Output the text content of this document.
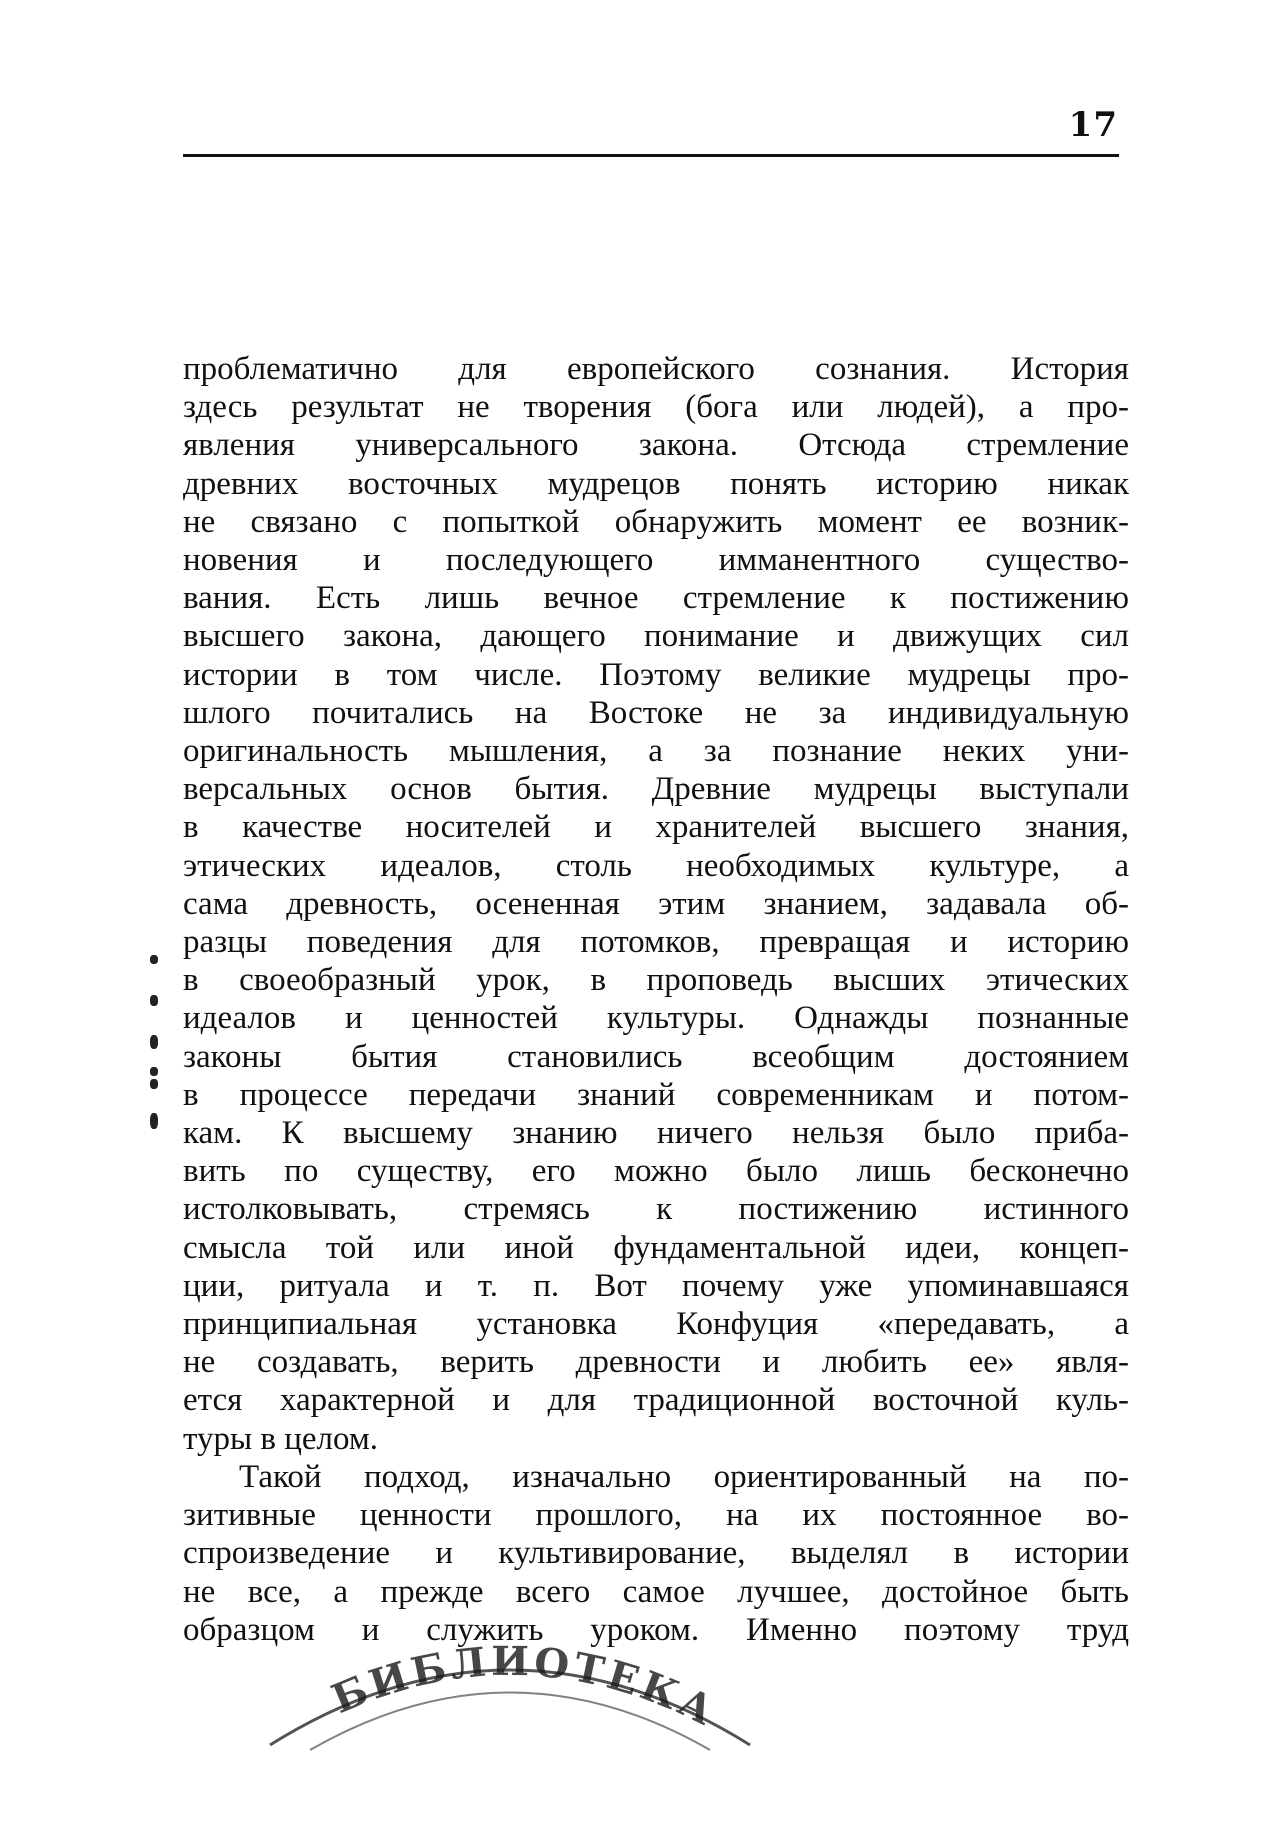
17
проблематично для европейского сознания. История
здесь результат не творения (бога или людей), а про-
явления универсального закона. Отсюда стремление
древних восточных мудрецов понять историю никак
не связано с попыткой обнаружить момент ее возник-
новения и последующего имманентного существо-
вания. Есть лишь вечное стремление к постижению
высшего закона, дающего понимание и движущих сил
истории в том числе. Поэтому великие мудрецы про-
шлого почитались на Востоке не за индивидуальную
оригинальность мышления, а за познание неких уни-
версальных основ бытия. Древние мудрецы выступали
в качестве носителей и хранителей высшего знания,
этических идеалов, столь необходимых культуре, а
сама древность, осененная этим знанием, задавала об-
разцы поведения для потомков, превращая и историю
в своеобразный урок, в проповедь высших этических
идеалов и ценностей культуры. Однажды познанные
законы бытия становились всеобщим достоянием
в процессе передачи знаний современникам и потом-
кам. К высшему знанию ничего нельзя было приба-
вить по существу, его можно было лишь бесконечно
истолковывать, стремясь к постижению истинного
смысла той или иной фундаментальной идеи, концеп-
ции, ритуала и т. п. Вот почему уже упоминавшаяся
принципиальная установка Конфуция «передавать, а
не создавать, верить древности и любить ее» явля-
ется характерной и для традиционной восточной куль-
туры в целом.
Такой подход, изначально ориентированный на по-
зитивные ценности прошлого, на их постоянное во-
спроизведение и культивирование, выделял в истории
не все, а прежде всего самое лучшее, достойное быть
образцом и служить уроком. Именно поэтому труд
БИБЛИОТЕКА
